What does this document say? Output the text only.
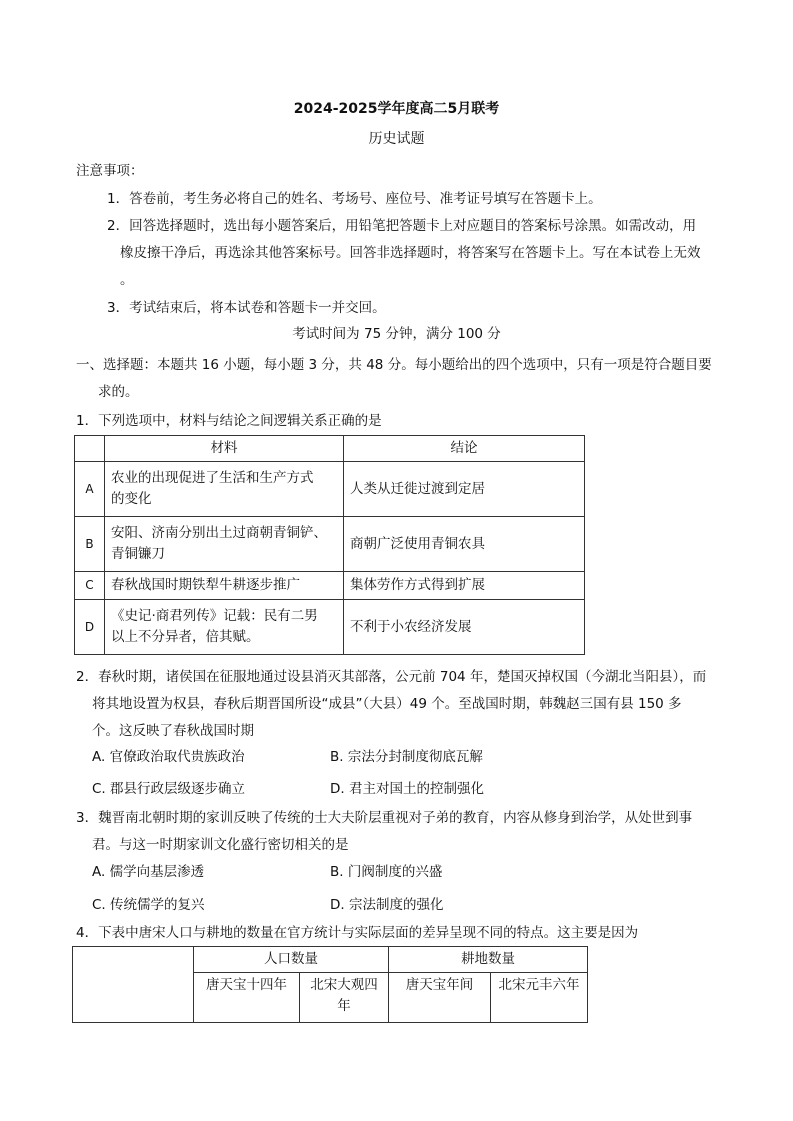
2024-2025学年度高二5月联考
历史试题
注意事项：
1．答卷前，考生务必将自己的姓名、考场号、座位号、准考证号填写在答题卡上。
2．回答选择题时，选出每小题答案后，用铅笔把答题卡上对应题目的答案标号涂黑。如需改动，用
橡皮擦干净后，再选涂其他答案标号。回答非选择题时，将答案写在答题卡上。写在本试卷上无效
。
3．考试结束后，将本试卷和答题卡一并交回。
考试时间为 75 分钟，满分 100 分
一、选择题：本题共 16 小题，每小题 3 分，共 48 分。每小题给出的四个选项中，只有一项是符合题目要
求的。
1．下列选项中，材料与结论之间逻辑关系正确的是
	材料	结论
A	农业的出现促进了生活和生产方式
的变化	人类从迁徙过渡到定居
B	安阳、济南分别出土过商朝青铜铲、
青铜镰刀	商朝广泛使用青铜农具
C	春秋战国时期铁犁牛耕逐步推广	集体劳作方式得到扩展
D	《史记·商君列传》记载：民有二男
以上不分异者，倍其赋。	不利于小农经济发展
2．春秋时期，诸侯国在征服地通过设县消灭其部落，公元前 704 年，楚国灭掉权国（今湖北当阳县），而
将其地设置为权县，春秋后期晋国所设“成县”（大县）49 个。至战国时期，韩魏赵三国有县 150 多
个。这反映了春秋战国时期
A. 官僚政治取代贵族政治	B. 宗法分封制度彻底瓦解
C. 郡县行政层级逐步确立	D. 君主对国土的控制强化
3．魏晋南北朝时期的家训反映了传统的士大夫阶层重视对子弟的教育，内容从修身到治学，从处世到事
君。与这一时期家训文化盛行密切相关的是
A. 儒学向基层渗透	B. 门阀制度的兴盛
C. 传统儒学的复兴	D. 宗法制度的强化
4．下表中唐宋人口与耕地的数量在官方统计与实际层面的差异呈现不同的特点。这主要是因为
	人口数量		耕地数量	
	唐天宝十四年	北宋大观四年	唐天宝年间	北宋元丰六年
